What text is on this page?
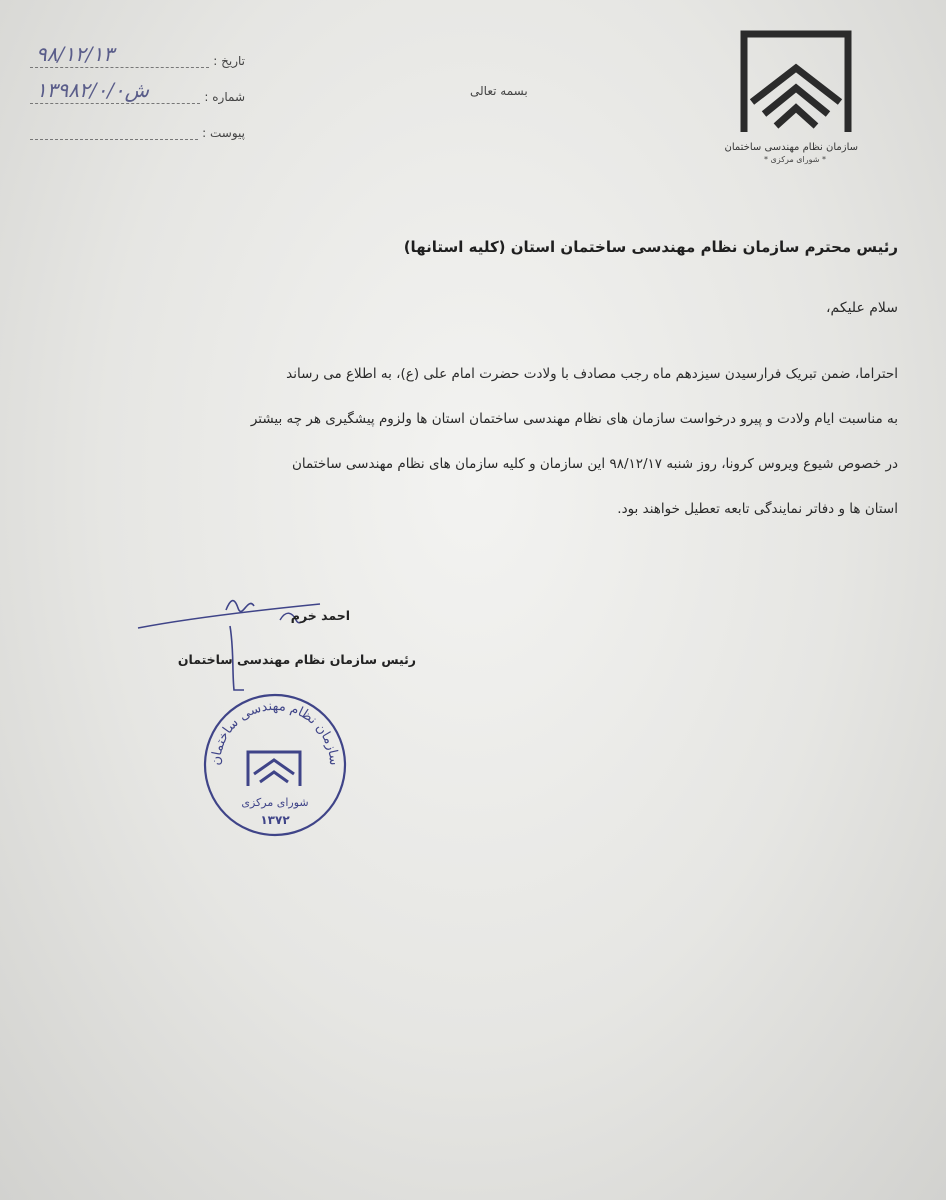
سازمان نظام مهندسی ساختمان
* شورای مرکزی *
بسمه تعالی
تاریخ :
۹۸/۱۲/۱۳
شماره :
۱۳۹۸۲/۰/۰ش
پیوست :
رئیس محترم سازمان نظام مهندسی ساختمان استان (کلیه استانها)
سلام علیکم،
احتراما، ضمن تبریک فرارسیدن سیزدهم ماه رجب مصادف با ولادت حضرت امام علی (ع)، به اطلاع می رساند
به مناسبت ایام ولادت و پیرو درخواست سازمان های نظام مهندسی ساختمان استان ها ولزوم پیشگیری هر چه بیشتر
در خصوص شیوع ویروس کرونا، روز شنبه ۹۸/۱۲/۱۷ این سازمان و کلیه سازمان های نظام مهندسی ساختمان
استان ها و دفاتر نمایندگی تابعه تعطیل خواهند بود.
احمد خرم
رئیس سازمان نظام مهندسی ساختمان
سازمان نظام مهندسی ساختمان
شورای مرکزی
۱۳۷۲
